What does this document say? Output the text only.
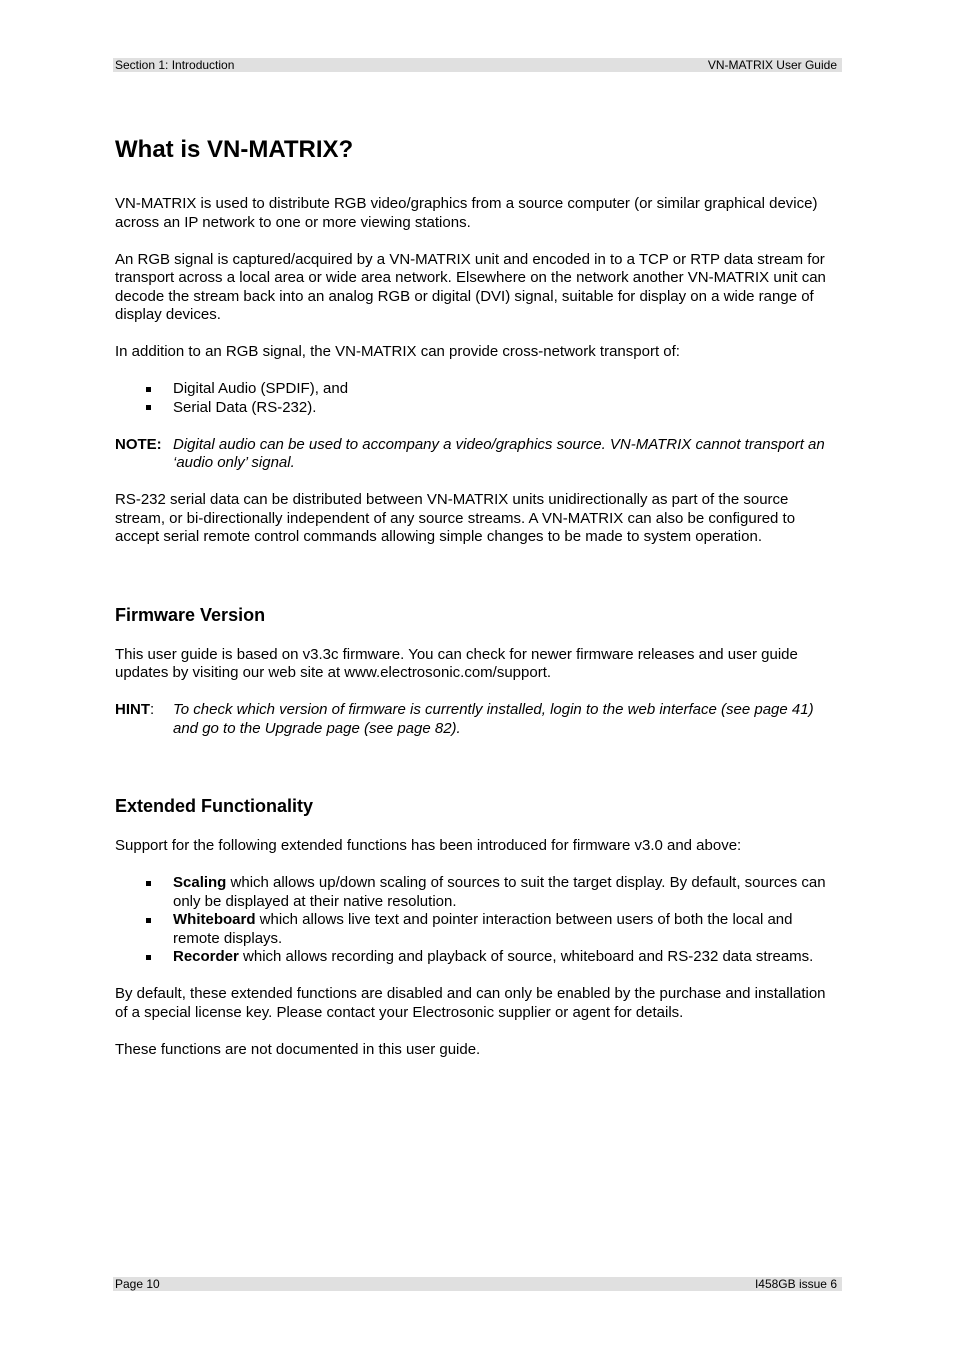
Section 1: Introduction	VN-MATRIX User Guide
What is VN-MATRIX?

VN-MATRIX is used to distribute RGB video/graphics from a source computer (or similar graphical device) across an IP network to one or more viewing stations.

An RGB signal is captured/acquired by a VN-MATRIX unit and encoded in to a TCP or RTP data stream for transport across a local area or wide area network. Elsewhere on the network another VN-MATRIX unit can decode the stream back into an analog RGB or digital (DVI) signal, suitable for display on a wide range of display devices.

In addition to an RGB signal, the VN-MATRIX can provide cross-network transport of:

Digital Audio (SPDIF), and
Serial Data (RS-232).
NOTE: Digital audio can be used to accompany a video/graphics source. VN-MATRIX cannot transport an ‘audio only’ signal.

RS-232 serial data can be distributed between VN-MATRIX units unidirectionally as part of the source stream, or bi-directionally independent of any source streams. A VN-MATRIX can also be configured to accept serial remote control commands allowing simple changes to be made to system operation.

Firmware Version

This user guide is based on v3.3c firmware. You can check for newer firmware releases and user guide updates by visiting our web site at www.electrosonic.com/support.

HINT:	To check which version of firmware is currently installed, login to the web interface (see page 41) and go to the Upgrade page (see page 82).
Extended Functionality

Support for the following extended functions has been introduced for firmware v3.0 and above:

Scaling which allows up/down scaling of sources to suit the target display. By default, sources can only be displayed at their native resolution.
Whiteboard which allows live text and pointer interaction between users of both the local and remote displays.
Recorder which allows recording and playback of source, whiteboard and RS-232 data streams.

By default, these extended functions are disabled and can only be enabled by the purchase and installation of a special license key. Please contact your Electrosonic supplier or agent for details.

These functions are not documented in this user guide.

Page 10	I458GB issue 6
